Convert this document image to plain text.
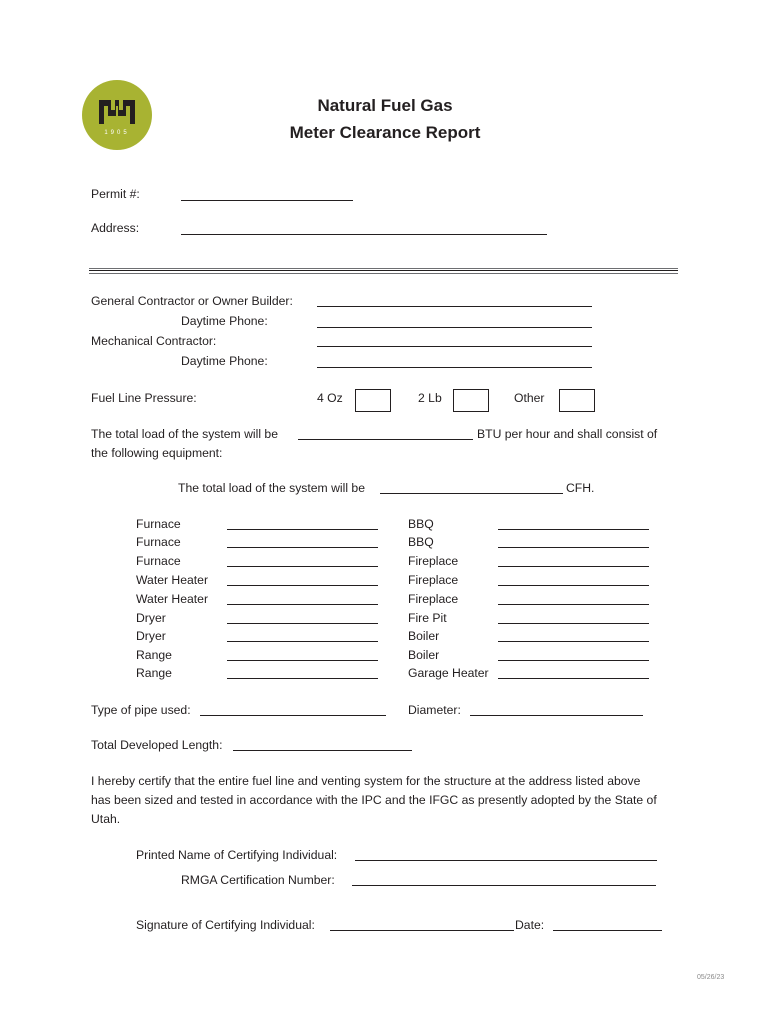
1905
Natural Fuel Gas
Meter Clearance Report
Permit #:
Address:
General Contractor or Owner Builder:
Daytime Phone:
Mechanical Contractor:
Daytime Phone:
Fuel Line Pressure:	4 Oz	2 Lb	Other
The total load of the system will be	BTU per hour and shall consist of
the following equipment:
The total load of the system will be	CFH.
Furnace	BBQ
Furnace	BBQ
Furnace	Fireplace
Water Heater	Fireplace
Water Heater	Fireplace
Dryer	Fire Pit
Dryer	Boiler
Range	Boiler
Range	Garage Heater
Type of pipe used:	Diameter:
Total Developed Length:
I hereby certify that the entire fuel line and venting system for the structure at the address listed above
has been sized and tested in accordance with the IPC and the IFGC as presently adopted by the State of
Utah.
Printed Name of Certifying Individual:
RMGA Certification Number:
Signature of Certifying Individual:	Date:
05/26/23
